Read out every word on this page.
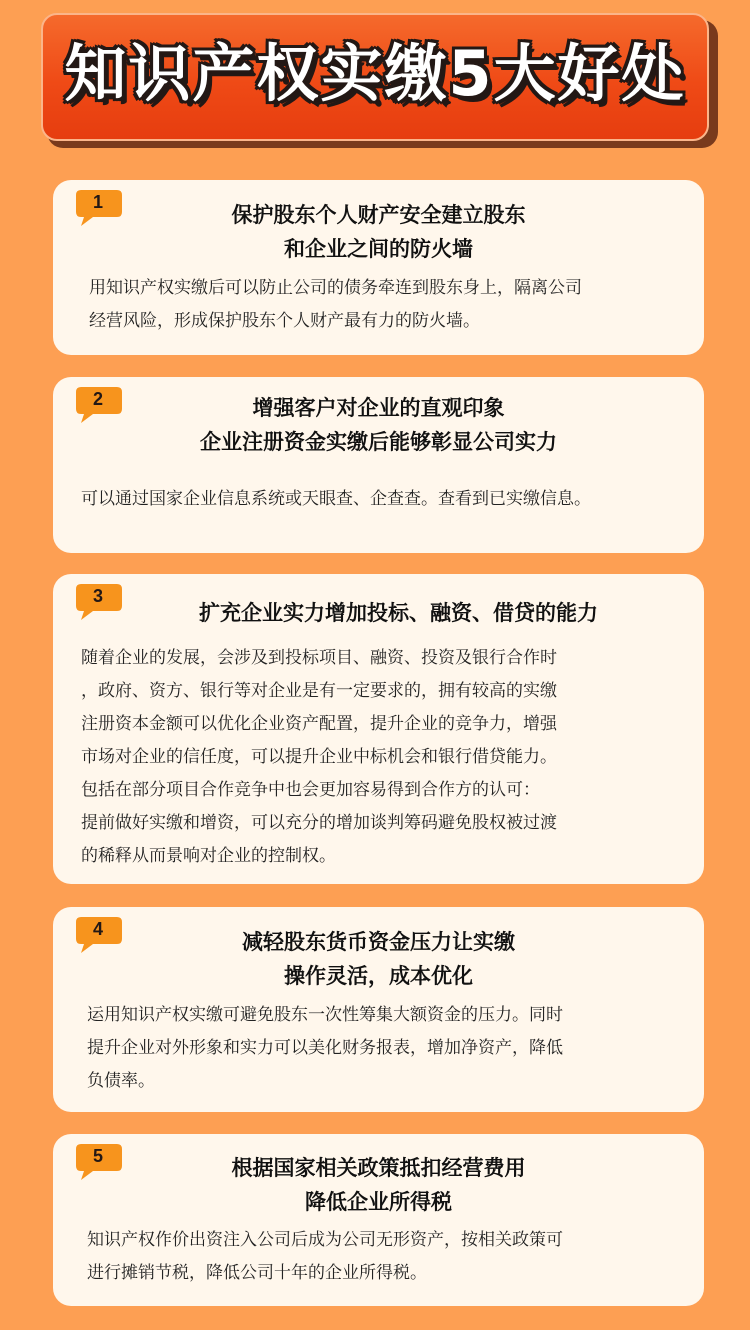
知识产权实缴5大好处
1
保护股东个人财产安全建立股东
和企业之间的防火墙
用知识产权实缴后可以防止公司的债务牵连到股东身上，隔离公司
经营风险，形成保护股东个人财产最有力的防火墙。
2	增强客户对企业的直观印象
企业注册资金实缴后能够彰显公司实力
可以通过国家企业信息系统或天眼查、企查查。查看到已实缴信息。
3
扩充企业实力增加投标、融资、借贷的能力
随着企业的发展，会涉及到投标项目、融资、投资及银行合作时
，政府、资方、银行等对企业是有一定要求的，拥有较高的实缴
注册资本金额可以优化企业资产配置，提升企业的竞争力，增强
市场对企业的信任度，可以提升企业中标机会和银行借贷能力。
包括在部分项目合作竞争中也会更加容易得到合作方的认可：
提前做好实缴和增资，可以充分的增加谈判筹码避免股权被过渡
的稀释从而景响对企业的控制权。
4
减轻股东货币资金压力让实缴
操作灵活，成本优化
运用知识产权实缴可避免股东一次性筹集大额资金的压力。同时
提升企业对外形象和实力可以美化财务报表，增加净资产，降低
负债率。
5	根据国家相关政策抵扣经营费用
降低企业所得税
知识产权作价出资注入公司后成为公司无形资产，按相关政策可
进行摊销节税，降低公司十年的企业所得税。
